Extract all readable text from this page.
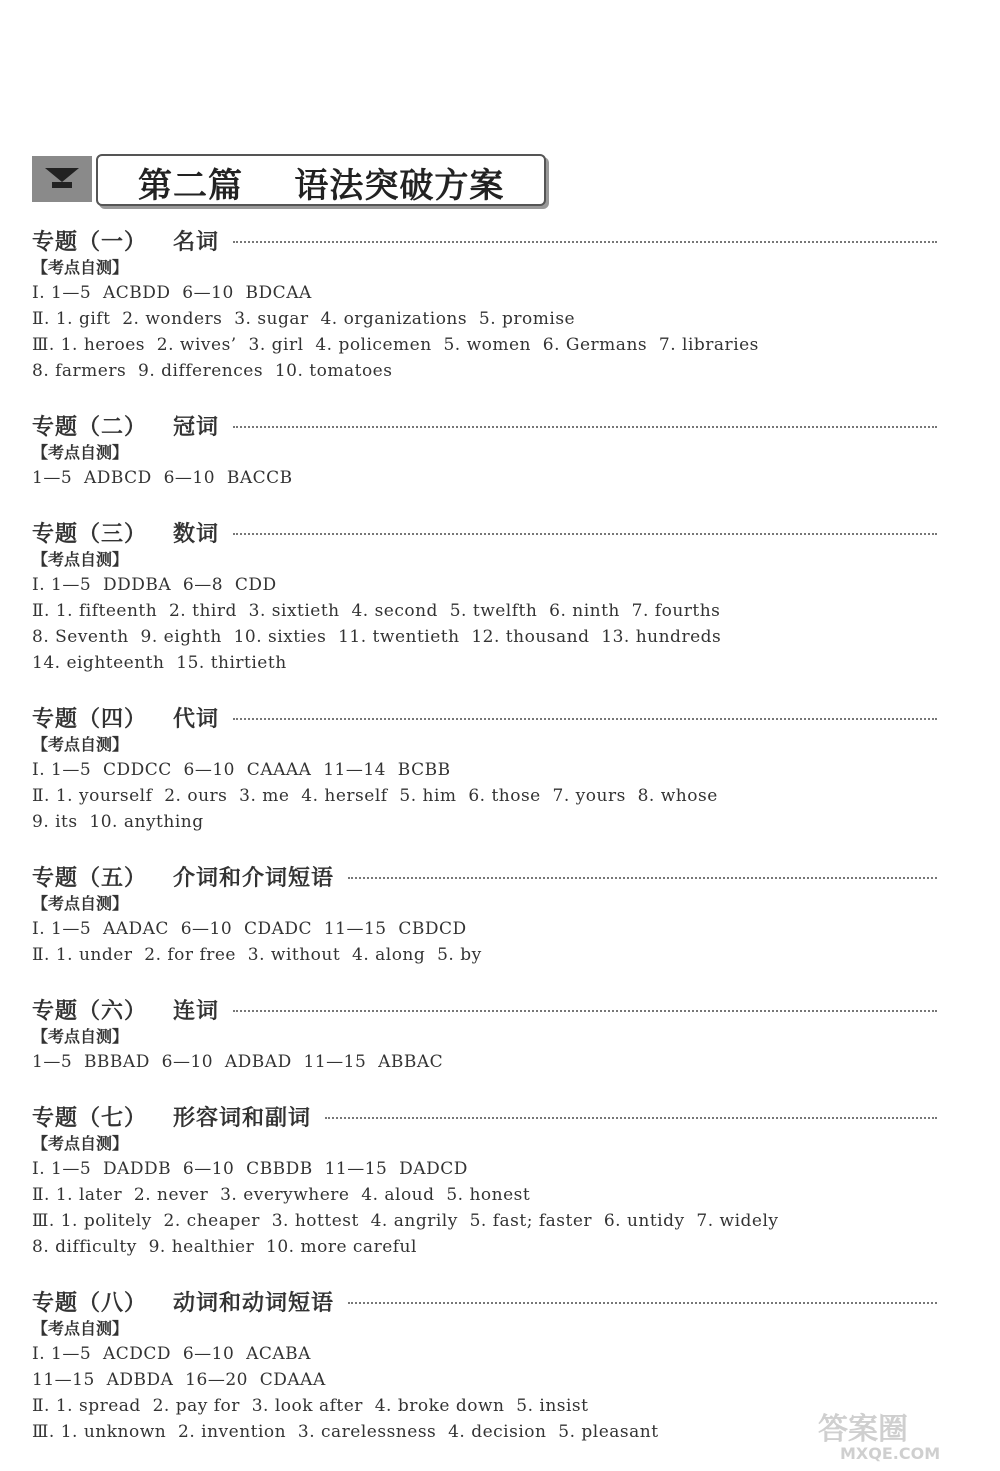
第二篇    语法突破方案
专题（一）   名词
【考点自测】
Ⅰ. 1—5  ACBDD  6—10  BDCAA
Ⅱ. 1. gift  2. wonders  3. sugar  4. organizations  5. promise
Ⅲ. 1. heroes  2. wives’  3. girl  4. policemen  5. women  6. Germans  7. libraries
8. farmers  9. differences  10. tomatoes
专题（二）   冠词
【考点自测】
1—5  ADBCD  6—10  BACCB
专题（三）   数词
【考点自测】
Ⅰ. 1—5  DDDBA  6—8  CDD
Ⅱ. 1. fifteenth  2. third  3. sixtieth  4. second  5. twelfth  6. ninth  7. fourths
8. Seventh  9. eighth  10. sixties  11. twentieth  12. thousand  13. hundreds
14. eighteenth  15. thirtieth
专题（四）   代词
【考点自测】
Ⅰ. 1—5  CDDCC  6—10  CAAAA  11—14  BCBB
Ⅱ. 1. yourself  2. ours  3. me  4. herself  5. him  6. those  7. yours  8. whose
9. its  10. anything
专题（五）   介词和介词短语
【考点自测】
Ⅰ. 1—5  AADAC  6—10  CDADC  11—15  CBDCD
Ⅱ. 1. under  2. for free  3. without  4. along  5. by
专题（六）   连词
【考点自测】
1—5  BBBAD  6—10  ADBAD  11—15  ABBAC
专题（七）   形容词和副词
【考点自测】
Ⅰ. 1—5  DADDB  6—10  CBBDB  11—15  DADCD
Ⅱ. 1. later  2. never  3. everywhere  4. aloud  5. honest
Ⅲ. 1. politely  2. cheaper  3. hottest  4. angrily  5. fast; faster  6. untidy  7. widely
8. difficulty  9. healthier  10. more careful
专题（八）   动词和动词短语
【考点自测】
Ⅰ. 1—5  ACDCD  6—10  ACABA
11—15  ADBDA  16—20  CDAAA
Ⅱ. 1. spread  2. pay for  3. look after  4. broke down  5. insist
Ⅲ. 1. unknown  2. invention  3. carelessness  4. decision  5. pleasant	答案圈
MXQE.COM
